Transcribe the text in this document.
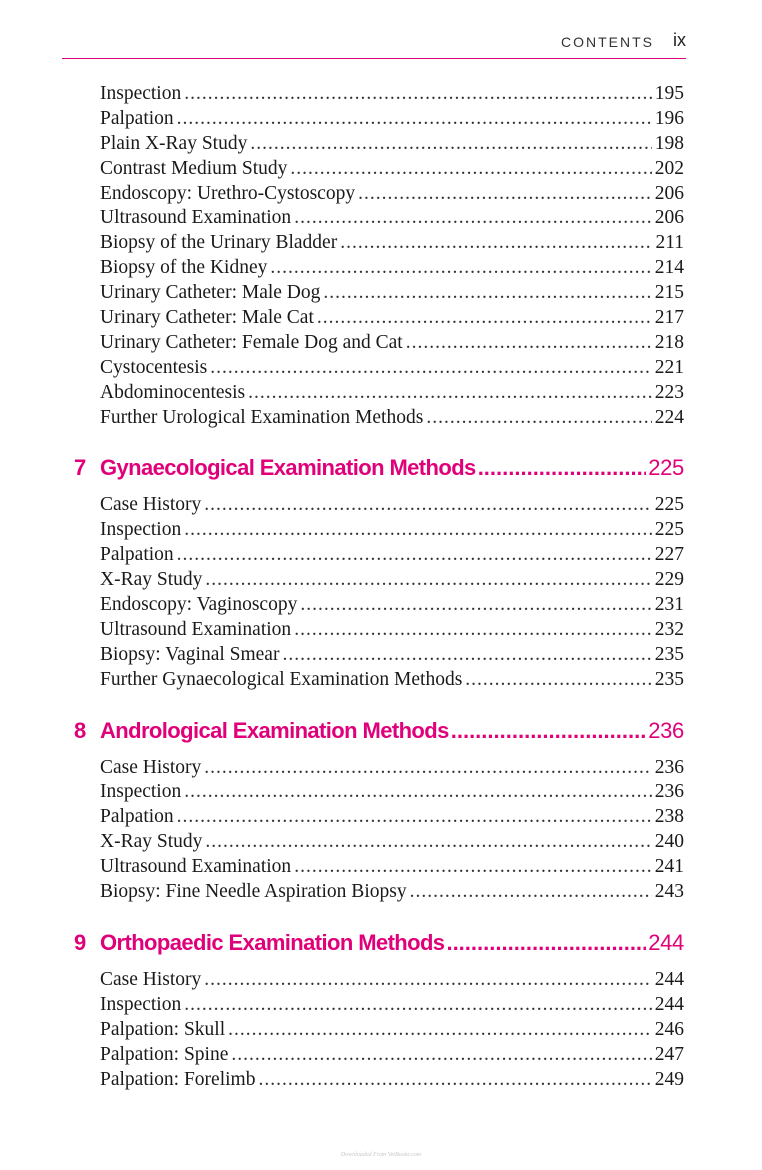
CONTENTS ix
Inspection .....	195
Palpation .....	196
Plain X-Ray Study .....	198
Contrast Medium Study .....	202
Endoscopy: Urethro-Cystoscopy .....	206
Ultrasound Examination .....	206
Biopsy of the Urinary Bladder .....	211
Biopsy of the Kidney .....	214
Urinary Catheter: Male Dog .....	215
Urinary Catheter: Male Cat .....	217
Urinary Catheter: Female Dog and Cat .....	218
Cystocentesis .....	221
Abdominocentesis .....	223
Further Urological Examination Methods .....	224
7 Gynaecological Examination Methods .....	225
Case History .....	225
Inspection .....	225
Palpation .....	227
X-Ray Study .....	229
Endoscopy: Vaginoscopy .....	231
Ultrasound Examination .....	232
Biopsy: Vaginal Smear .....	235
Further Gynaecological Examination Methods .....	235
8 Andrological Examination Methods .....	236
Case History .....	236
Inspection .....	236
Palpation .....	238
X-Ray Study .....	240
Ultrasound Examination .....	241
Biopsy: Fine Needle Aspiration Biopsy .....	243
9 Orthopaedic Examination Methods .....	244
Case History .....	244
Inspection .....	244
Palpation: Skull .....	246
Palpation: Spine .....	247
Palpation: Forelimb .....	249
Downloaded From VetBooks.com
